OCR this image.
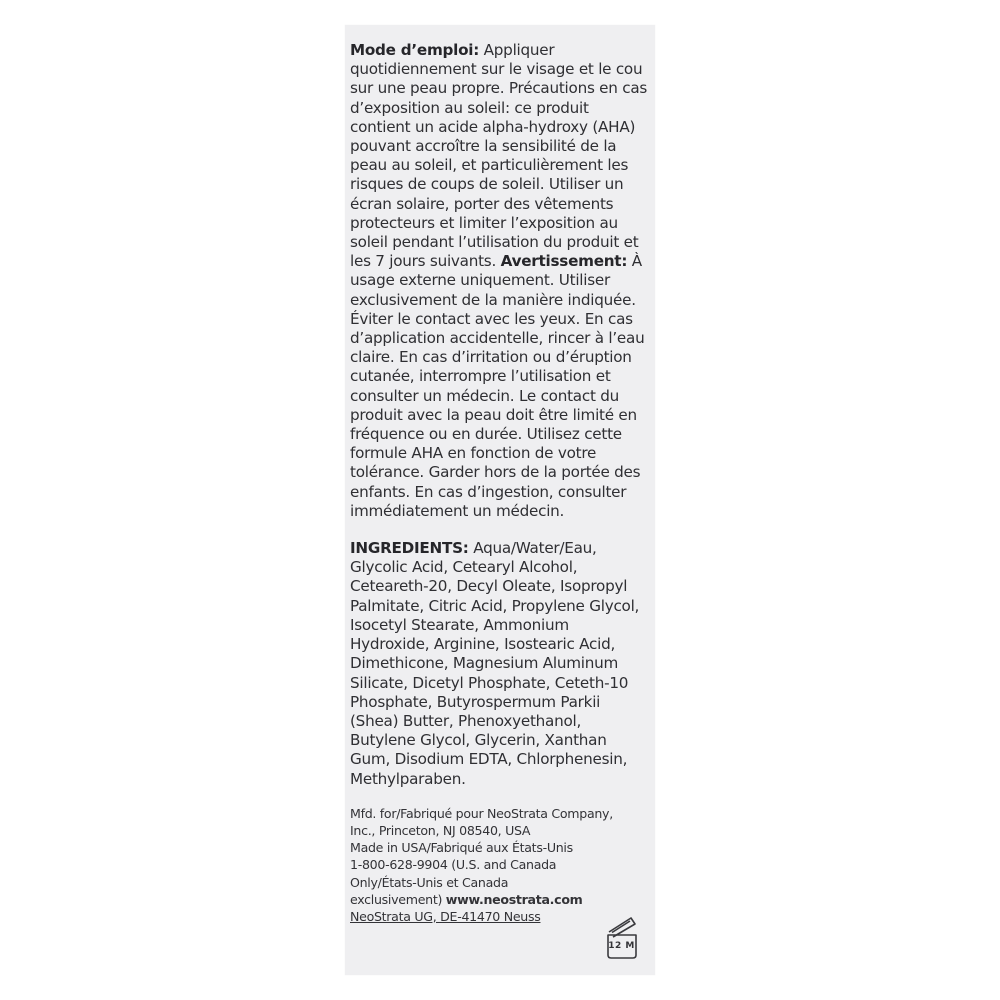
Mode d’emploi: Appliquer quotidiennement sur le visage et le cou sur une peau propre. Précautions en cas d’exposition au soleil: ce produit contient un acide alpha-hydroxy (AHA) pouvant accroître la sensibilité de la peau au soleil, et particulièrement les risques de coups de soleil. Utiliser un écran solaire, porter des vêtements protecteurs et limiter l’exposition au soleil pendant l’utilisation du produit et les 7 jours suivants. Avertissement: À usage externe uniquement. Utiliser exclusivement de la manière indiquée. Éviter le contact avec les yeux. En cas d’application accidentelle, rincer à l’eau claire. En cas d’irritation ou d’éruption cutanée, interrompre l’utilisation et consulter un médecin. Le contact du produit avec la peau doit être limité en fréquence ou en durée. Utilisez cette formule AHA en fonction de votre tolérance. Garder hors de la portée des enfants. En cas d’ingestion, consulter immédiatement un médecin.

INGREDIENTS: Aqua/Water/Eau, Glycolic Acid, Cetearyl Alcohol, Ceteareth-20, Decyl Oleate, Isopropyl Palmitate, Citric Acid, Propylene Glycol, Isocetyl Stearate, Ammonium Hydroxide, Arginine, Isostearic Acid, Dimethicone, Magnesium Aluminum Silicate, Dicetyl Phosphate, Ceteth-10 Phosphate, Butyrospermum Parkii (Shea) Butter, Phenoxyethanol, Butylene Glycol, Glycerin, Xanthan Gum, Disodium EDTA, Chlorphenesin, Methylparaben.

Mfd. for/Fabriqué pour NeoStrata Company,
Inc., Princeton, NJ 08540, USA
Made in USA/Fabriqué aux États-Unis
1-800-628-9904 (U.S. and Canada
Only/États-Unis et Canada
exclusivement) www.neostrata.com
NeoStrata UG, DE-41470 Neuss
12 M
